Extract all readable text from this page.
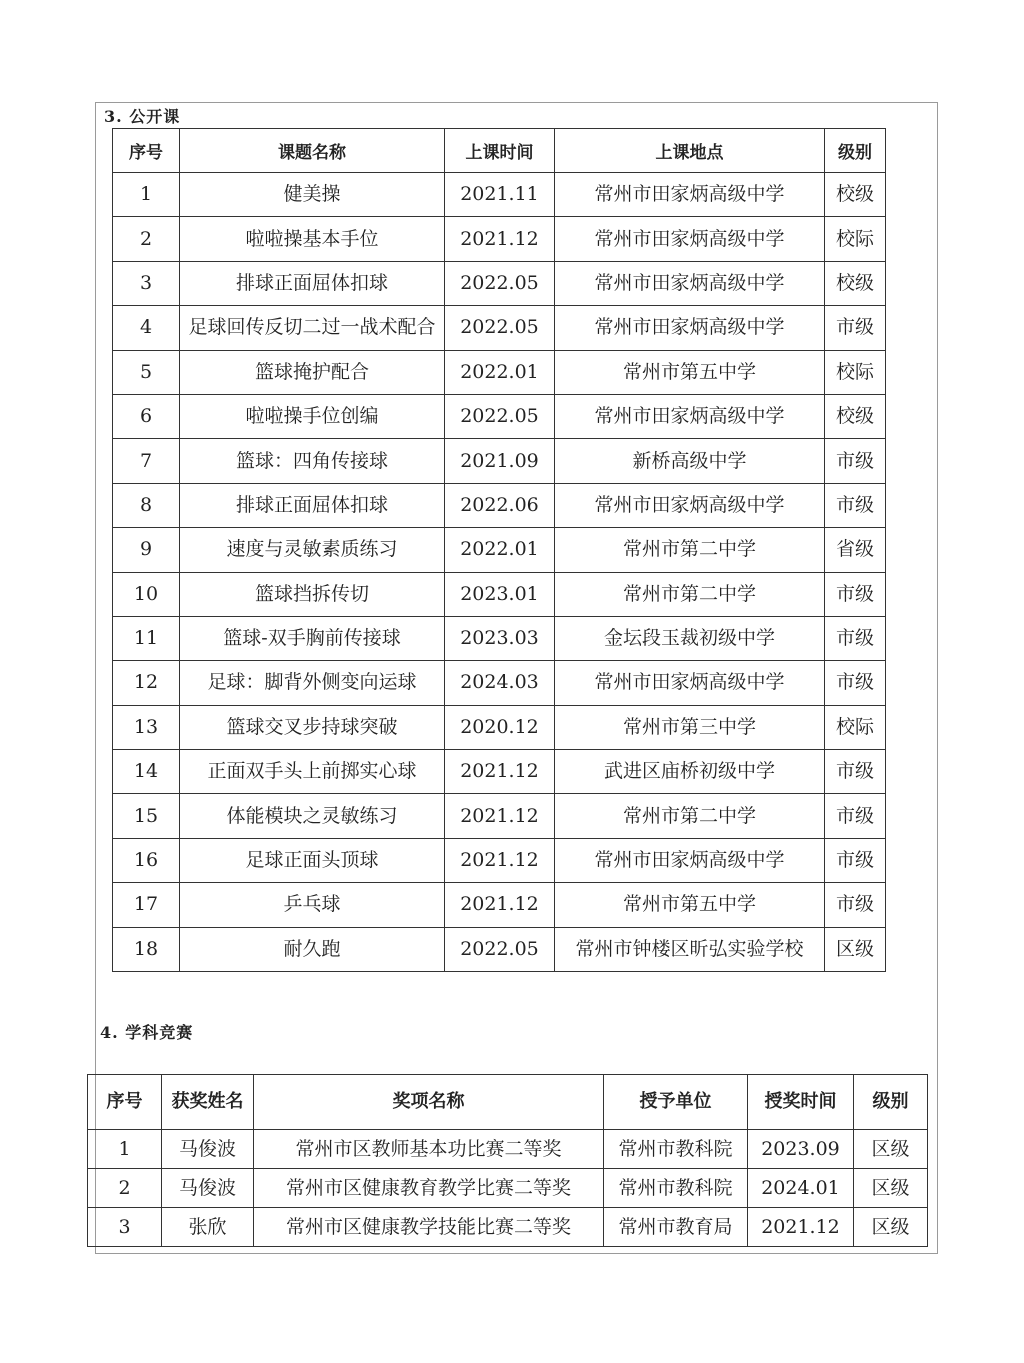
3. 公开课
序号	课题名称	上课时间	上课地点	级别

1	健美操	2021.11	常州市田家炳高级中学	校级

2	啦啦操基本手位	2021.12	常州市田家炳高级中学	校际

3	排球正面屈体扣球	2022.05	常州市田家炳高级中学	校级

4	足球回传反切二过一战术配合	2022.05	常州市田家炳高级中学	市级

5	篮球掩护配合	2022.01	常州市第五中学	校际

6	啦啦操手位创编	2022.05	常州市田家炳高级中学	校级

7	篮球：四角传接球	2021.09	新桥高级中学	市级

8	排球正面屈体扣球	2022.06	常州市田家炳高级中学	市级

9	速度与灵敏素质练习	2022.01	常州市第二中学	省级

10	篮球挡拆传切	2023.01	常州市第二中学	市级

11	篮球-双手胸前传接球	2023.03	金坛段玉裁初级中学	市级

12	足球：脚背外侧变向运球	2024.03	常州市田家炳高级中学	市级

13	篮球交叉步持球突破	2020.12	常州市第三中学	校际

14	正面双手头上前掷实心球	2021.12	武进区庙桥初级中学	市级

15	体能模块之灵敏练习	2021.12	常州市第二中学	市级

16	足球正面头顶球	2021.12	常州市田家炳高级中学	市级

17	乒乓球	2021.12	常州市第五中学	市级

18	耐久跑	2022.05	常州市钟楼区昕弘实验学校	区级
4. 学科竞赛
序号	获奖姓名	奖项名称	授予单位	授奖时间	级别

1	马俊波	常州市区教师基本功比赛二等奖	常州市教科院	2023.09	区级

2	马俊波	常州市区健康教育教学比赛二等奖	常州市教科院	2024.01	区级

3	张欣	常州市区健康教学技能比赛二等奖	常州市教育局	2021.12	区级
